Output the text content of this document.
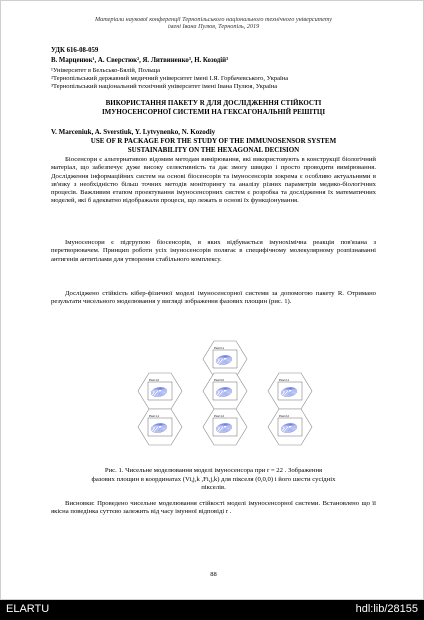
Матеріали наукової конференції Тернопільського національного технічного університету
імені Івана Пулюя, Тернопіль, 2019
УДК 616-08-059
В. Марценюк¹, А. Сверстюк², Я. Литвиненко³, Н. Козодій³
¹Університет в Бельсько-Бялій, Польща
²Тернопільський державний медичний університет імені І.Я. Горбачевського, Україна
³Тернопільський національний технічний університет імені Івана Пулюя, Україна
ВИКОРИСТАННЯ ПАКЕТУ R ДЛЯ ДОСЛІДЖЕННЯ СТІЙКОСТІ
ІМУНОСЕНСОРНОЇ СИСТЕМИ НА ГЕКСАГОНАЛЬНІЙ РЕШІТЦІ
V. Marceniuk, A. Sverstiuk, Y. Lytvynenko, N. Kozodiy
USE OF R PACKAGE FOR THE STUDY OF THE IMMUNOSENSOR SYSTEM
SUSTAINABILITY ON THE HEXAGONAL DECISION
Біосенсори є альтернативою відомим методам вимірювання, які використовують в конструкції біологічний матеріал, що забезпечує дуже високу селективність та дає змогу швидко і просто проводити вимірювання. Дослідження інформаційних систем на основі біосенсорів та імуносенсорів зокрема є особливо актуальними в зв'язку з необхідністю більш точних методів моніторингу та аналізу різних параметрів медико-біологічних процесів. Важливим етапом проектування імуносенсорних систем є розробка та дослідження їх математичних моделей, які б адекватно відображали процеси, що лежать в основі їх функціонування.
Імуносенсори є підгрупою біосенсорів, в яких відбувається імунохімічна реакція пов'язана з перетворювачем. Принцип роботи усіх імуносенсорів полягає в специфічному молекулярному розпізнаванні антигенів антитілами для утворення стабільного комплексу.
Досліджено стійкість кібер-фізичної моделі імуносенсорної системи за допомогою пакету R. Отримано результати чисельного моделювання у вигляді зображення фазових площин (рис. 1).
Pixel 0,1
Pixel 1,0	Pixel 0,0	Pixel 2,1
Pixel 1,1	Pixel 1,2	Pixel 2,2
Рис. 1. Чисельне моделювання моделі імуносенсора при r = 22 . Зображення
фазових площин в координатах (Vi,j,k ,Fi,j,k) для пікселя (0,0,0) і його шести сусідніх
пікселів.
Висновки: Проведено чисельне моделювання стійкості моделі імуносенсорної системи. Встановлено що її якісна поведінка суттєво залежить від часу імунної відповіді r .
88
ELARTU	hdl:lib/28155
